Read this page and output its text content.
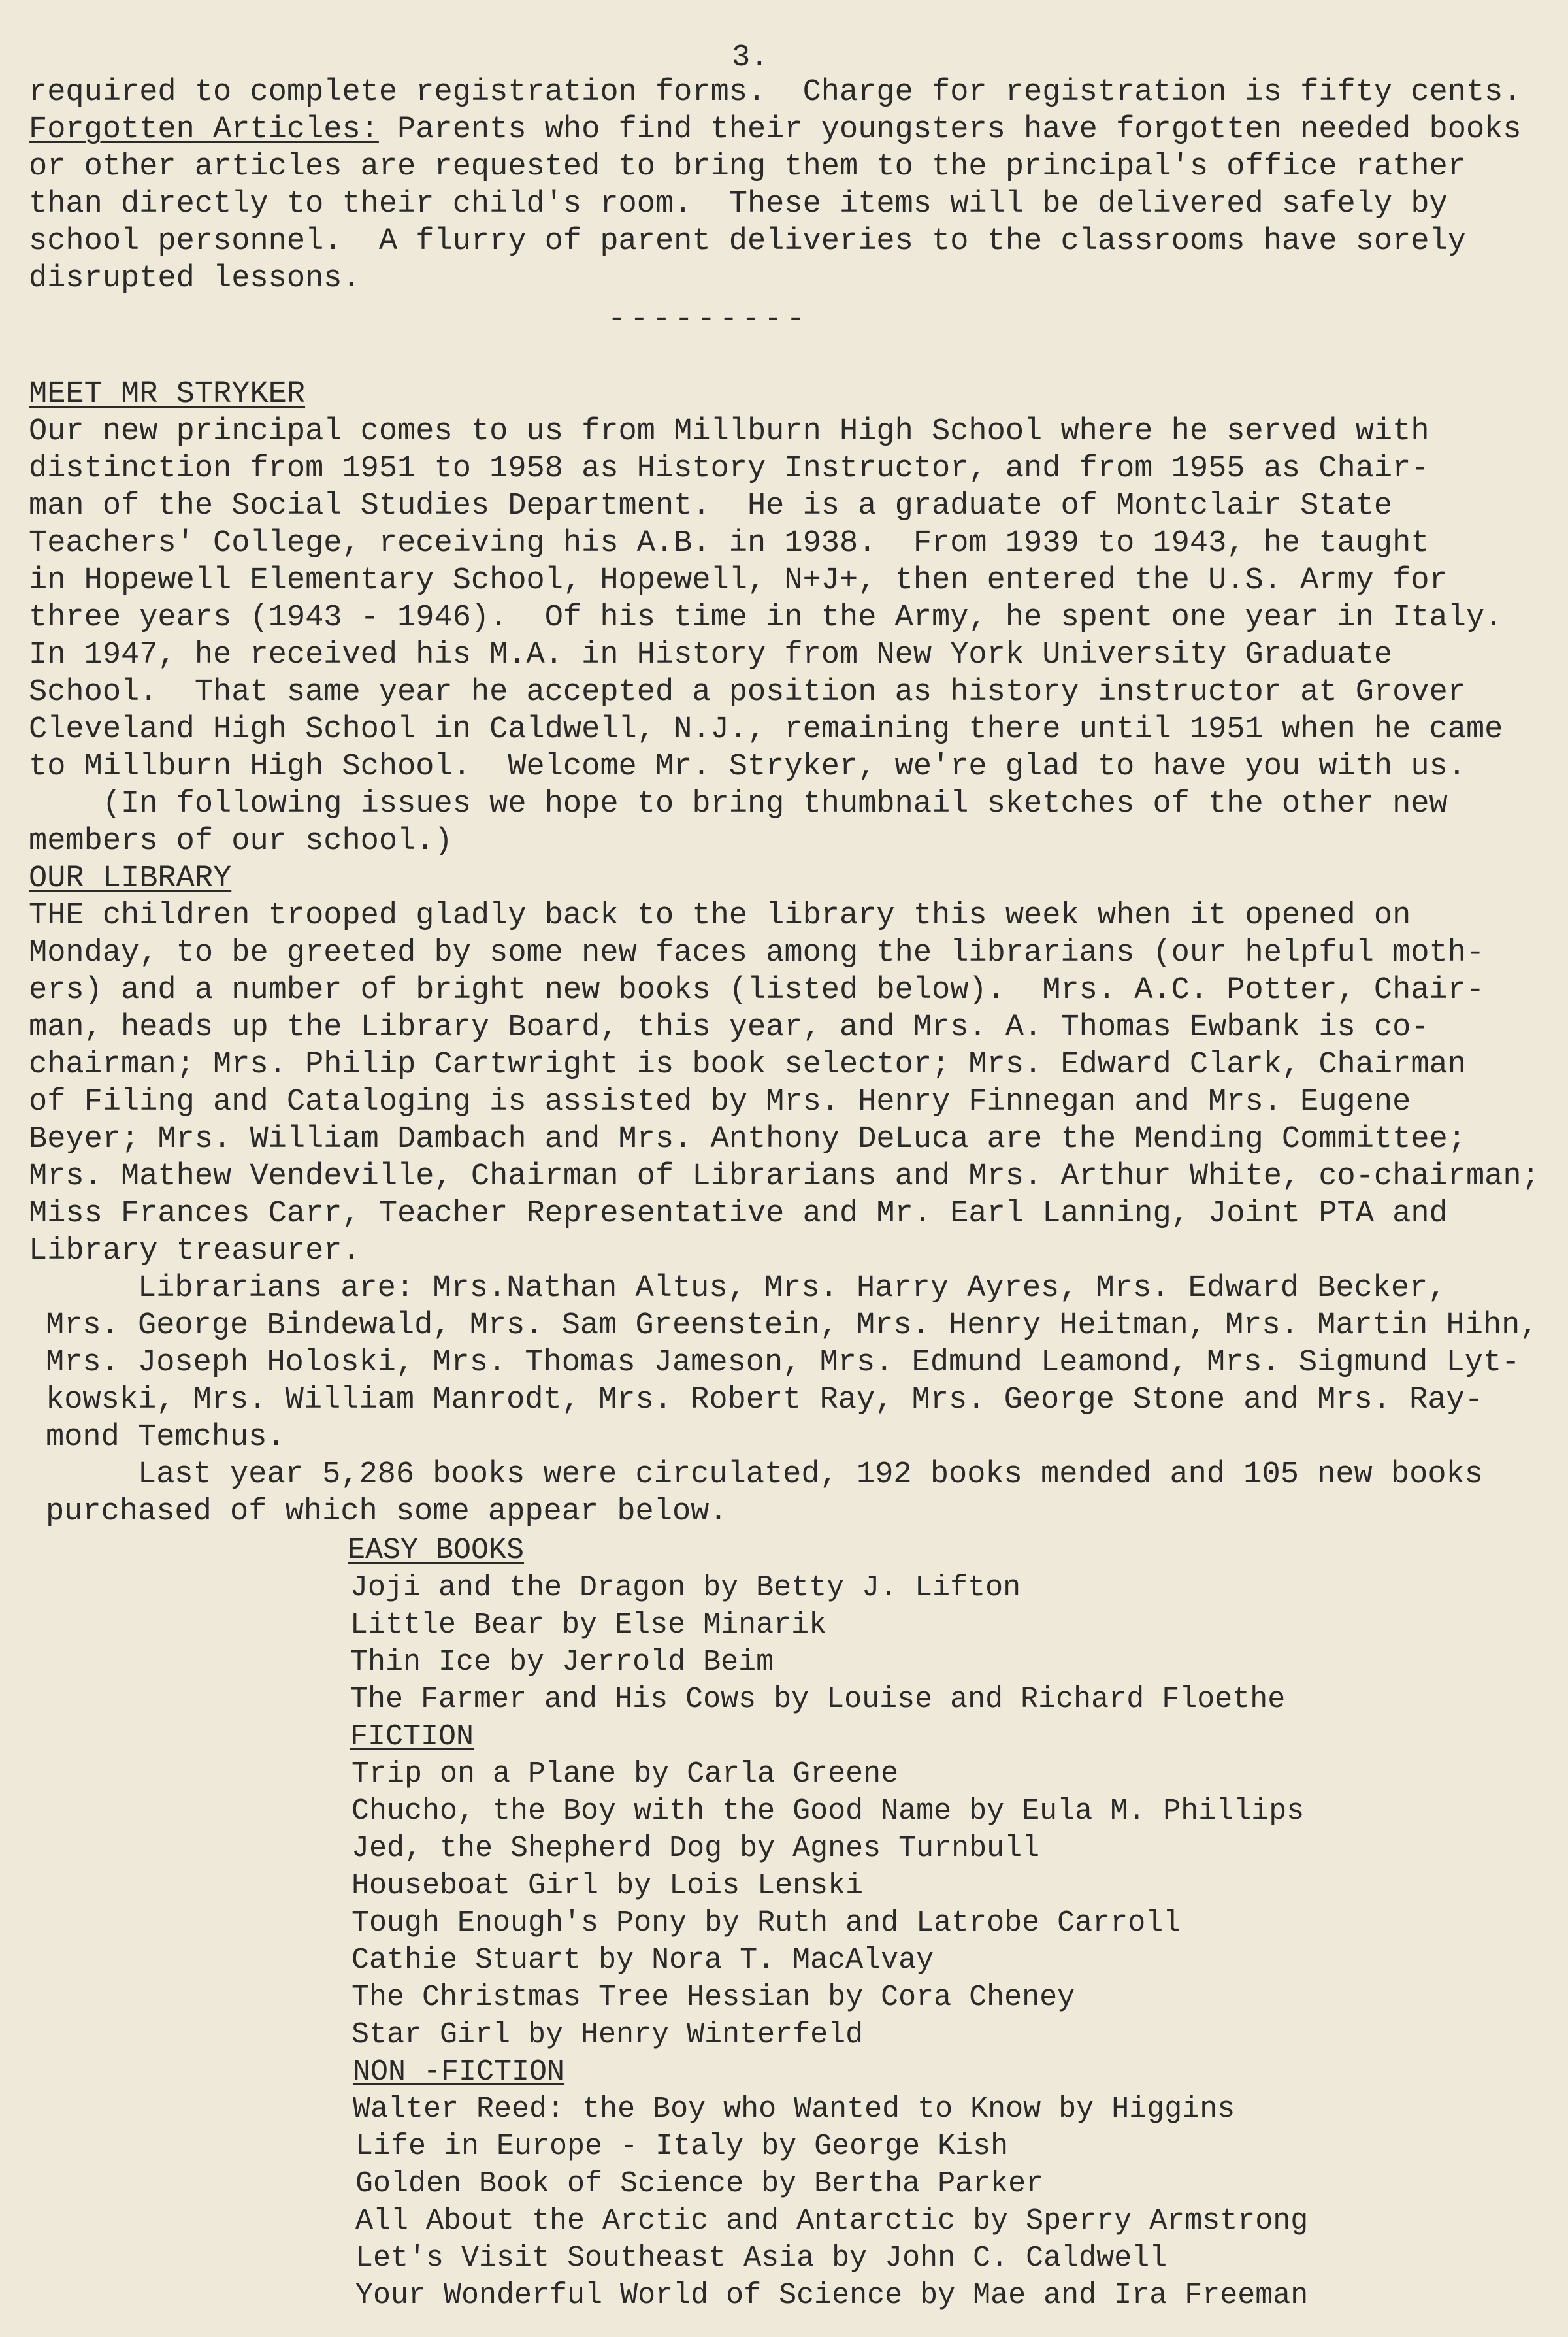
3.
required to complete registration forms.  Charge for registration is fifty cents.
Forgotten Articles: Parents who find their youngsters have forgotten needed books
or other articles are requested to bring them to the principal's office rather
than directly to their child's room.  These items will be delivered safely by
school personnel.  A flurry of parent deliveries to the classrooms have sorely
disrupted lessons.
---------
MEET MR STRYKER
Our new principal comes to us from Millburn High School where he served with
distinction from 1951 to 1958 as History Instructor, and from 1955 as Chair-
man of the Social Studies Department.  He is a graduate of Montclair State
Teachers' College, receiving his A.B. in 1938.  From 1939 to 1943, he taught
in Hopewell Elementary School, Hopewell, N+J+, then entered the U.S. Army for
three years (1943 - 1946).  Of his time in the Army, he spent one year in Italy.
In 1947, he received his M.A. in History from New York University Graduate
School.  That same year he accepted a position as history instructor at Grover
Cleveland High School in Caldwell, N.J., remaining there until 1951 when he came
to Millburn High School.  Welcome Mr. Stryker, we're glad to have you with us.
(In following issues we hope to bring thumbnail sketches of the other new
members of our school.)
OUR LIBRARY
THE children trooped gladly back to the library this week when it opened on
Monday, to be greeted by some new faces among the librarians (our helpful moth-
ers) and a number of bright new books (listed below).  Mrs. A.C. Potter, Chair-
man, heads up the Library Board, this year, and Mrs. A. Thomas Ewbank is co-
chairman; Mrs. Philip Cartwright is book selector; Mrs. Edward Clark, Chairman
of Filing and Cataloging is assisted by Mrs. Henry Finnegan and Mrs. Eugene
Beyer; Mrs. William Dambach and Mrs. Anthony DeLuca are the Mending Committee;
Mrs. Mathew Vendeville, Chairman of Librarians and Mrs. Arthur White, co-chairman;
Miss Frances Carr, Teacher Representative and Mr. Earl Lanning, Joint PTA and
Library treasurer.
Librarians are: Mrs.Nathan Altus, Mrs. Harry Ayres, Mrs. Edward Becker,
Mrs. George Bindewald, Mrs. Sam Greenstein, Mrs. Henry Heitman, Mrs. Martin Hihn,
Mrs. Joseph Holoski, Mrs. Thomas Jameson, Mrs. Edmund Leamond, Mrs. Sigmund Lyt-
kowski, Mrs. William Manrodt, Mrs. Robert Ray, Mrs. George Stone and Mrs. Ray-
mond Temchus.
Last year 5,286 books were circulated, 192 books mended and 105 new books
purchased of which some appear below.
EASY BOOKS
Joji and the Dragon by Betty J. Lifton
Little Bear by Else Minarik
Thin Ice by Jerrold Beim
The Farmer and His Cows by Louise and Richard Floethe
FICTION
Trip on a Plane by Carla Greene
Chucho, the Boy with the Good Name by Eula M. Phillips
Jed, the Shepherd Dog by Agnes Turnbull
Houseboat Girl by Lois Lenski
Tough Enough's Pony by Ruth and Latrobe Carroll
Cathie Stuart by Nora T. MacAlvay
The Christmas Tree Hessian by Cora Cheney
Star Girl by Henry Winterfeld
NON -FICTION
Walter Reed: the Boy who Wanted to Know by Higgins
Life in Europe - Italy by George Kish
Golden Book of Science by Bertha Parker
All About the Arctic and Antarctic by Sperry Armstrong
Let's Visit Southeast Asia by John C. Caldwell
Your Wonderful World of Science by Mae and Ira Freeman
